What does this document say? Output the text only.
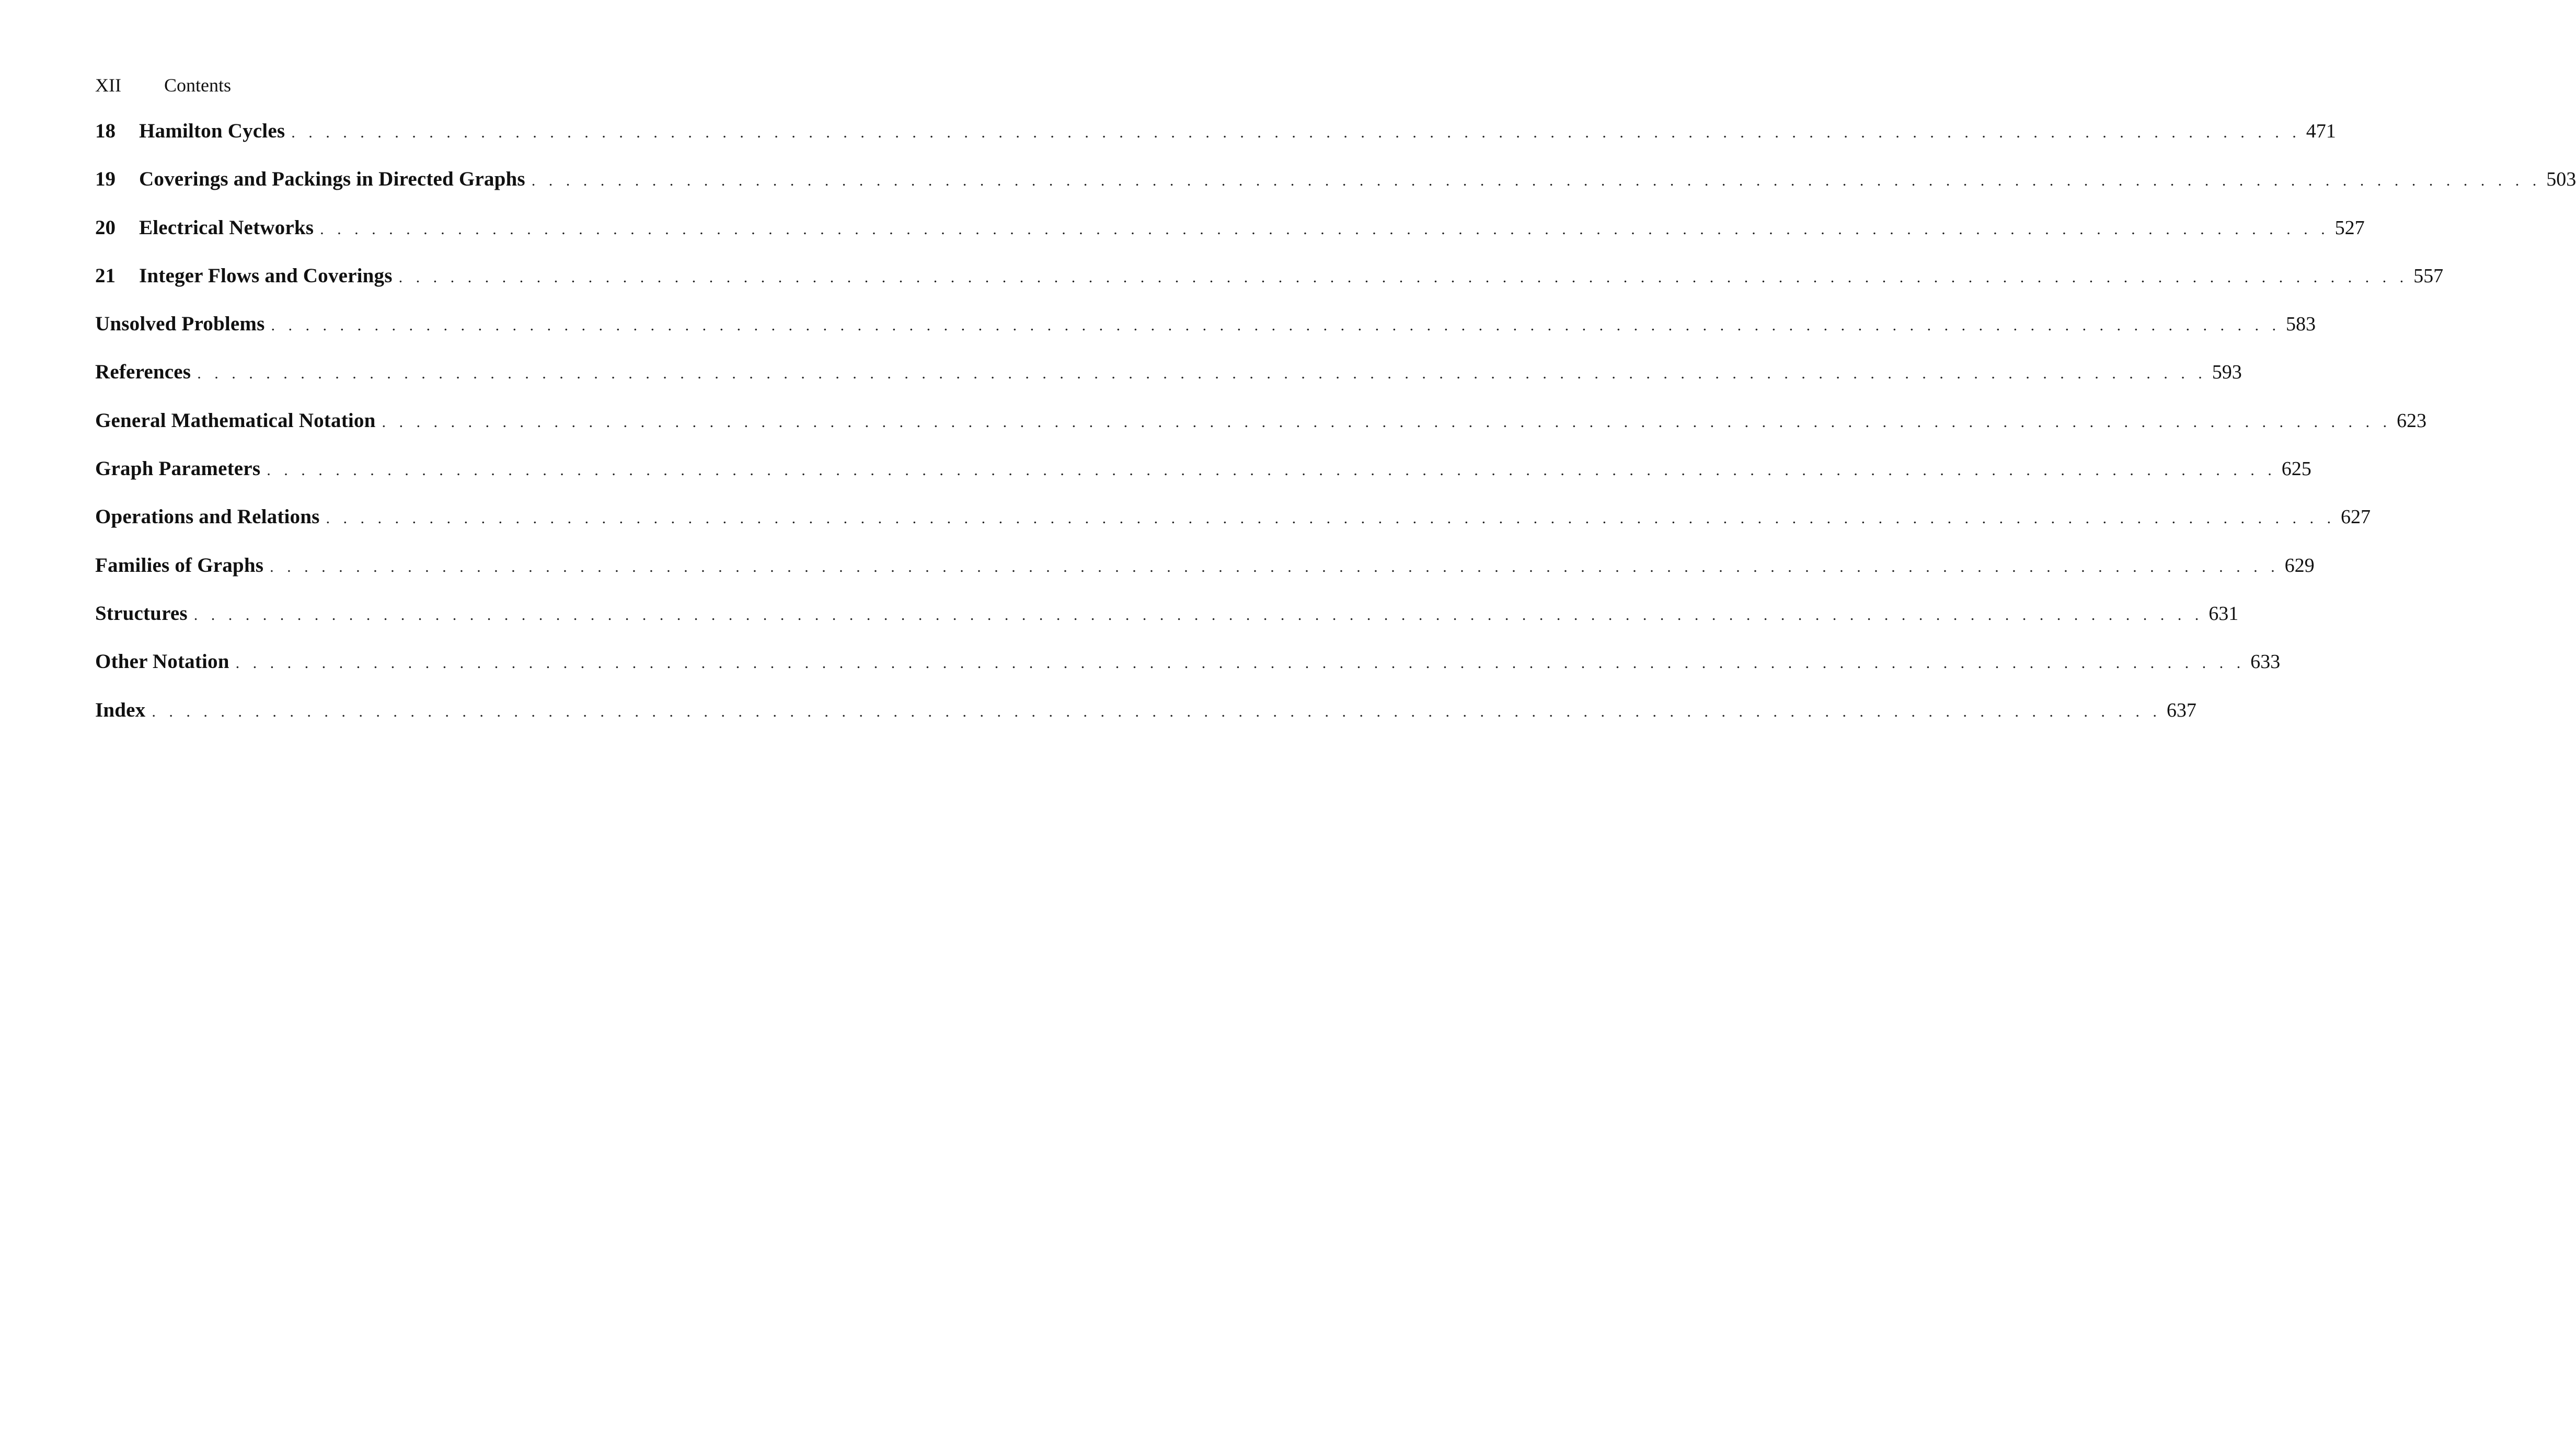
XII	Contents
18	Hamilton Cycles . . . . . . . . . . . . . . . . . . . . . . . . . . . . . . . . . . . . . . . . . . . . . . . . . . . . . . . . . . . . . . . . . . . . . . . . . . . . . . . . . . . . . . . . . . . . . . . . . . . . . . . . . . . . . . . . . . . . . 471
19	Coverings and Packings in Directed Graphs . . . . . . . . . . . . . . . . . . . . . . . . . . . . . . . . . . . . . . . . . . . . . . . . . . . . . . . . . . . . . . . . . . . . . . . . . . . . . . . . . . . . . . . . . . . . . . . . . . . . . . . . . . . . . . . . . . . . . 503
20	Electrical Networks . . . . . . . . . . . . . . . . . . . . . . . . . . . . . . . . . . . . . . . . . . . . . . . . . . . . . . . . . . . . . . . . . . . . . . . . . . . . . . . . . . . . . . . . . . . . . . . . . . . . . . . . . . . . . . . . . . . . . 527
21	Integer Flows and Coverings . . . . . . . . . . . . . . . . . . . . . . . . . . . . . . . . . . . . . . . . . . . . . . . . . . . . . . . . . . . . . . . . . . . . . . . . . . . . . . . . . . . . . . . . . . . . . . . . . . . . . . . . . . . . . . . . . . . . . 557
Unsolved Problems . . . . . . . . . . . . . . . . . . . . . . . . . . . . . . . . . . . . . . . . . . . . . . . . . . . . . . . . . . . . . . . . . . . . . . . . . . . . . . . . . . . . . . . . . . . . . . . . . . . . . . . . . . . . . . . . . . . . . 583
References . . . . . . . . . . . . . . . . . . . . . . . . . . . . . . . . . . . . . . . . . . . . . . . . . . . . . . . . . . . . . . . . . . . . . . . . . . . . . . . . . . . . . . . . . . . . . . . . . . . . . . . . . . . . . . . . . . . . . 593
General Mathematical Notation . . . . . . . . . . . . . . . . . . . . . . . . . . . . . . . . . . . . . . . . . . . . . . . . . . . . . . . . . . . . . . . . . . . . . . . . . . . . . . . . . . . . . . . . . . . . . . . . . . . . . . . . . . . . . . . . . . . . . 623
Graph Parameters . . . . . . . . . . . . . . . . . . . . . . . . . . . . . . . . . . . . . . . . . . . . . . . . . . . . . . . . . . . . . . . . . . . . . . . . . . . . . . . . . . . . . . . . . . . . . . . . . . . . . . . . . . . . . . . . . . . . . 625
Operations and Relations . . . . . . . . . . . . . . . . . . . . . . . . . . . . . . . . . . . . . . . . . . . . . . . . . . . . . . . . . . . . . . . . . . . . . . . . . . . . . . . . . . . . . . . . . . . . . . . . . . . . . . . . . . . . . . . . . . . . . 627
Families of Graphs . . . . . . . . . . . . . . . . . . . . . . . . . . . . . . . . . . . . . . . . . . . . . . . . . . . . . . . . . . . . . . . . . . . . . . . . . . . . . . . . . . . . . . . . . . . . . . . . . . . . . . . . . . . . . . . . . . . . . 629
Structures . . . . . . . . . . . . . . . . . . . . . . . . . . . . . . . . . . . . . . . . . . . . . . . . . . . . . . . . . . . . . . . . . . . . . . . . . . . . . . . . . . . . . . . . . . . . . . . . . . . . . . . . . . . . . . . . . . . . . 631
Other Notation . . . . . . . . . . . . . . . . . . . . . . . . . . . . . . . . . . . . . . . . . . . . . . . . . . . . . . . . . . . . . . . . . . . . . . . . . . . . . . . . . . . . . . . . . . . . . . . . . . . . . . . . . . . . . . . . . . . . . 633
Index . . . . . . . . . . . . . . . . . . . . . . . . . . . . . . . . . . . . . . . . . . . . . . . . . . . . . . . . . . . . . . . . . . . . . . . . . . . . . . . . . . . . . . . . . . . . . . . . . . . . . . . . . . . . . . . . . . . . . 637
